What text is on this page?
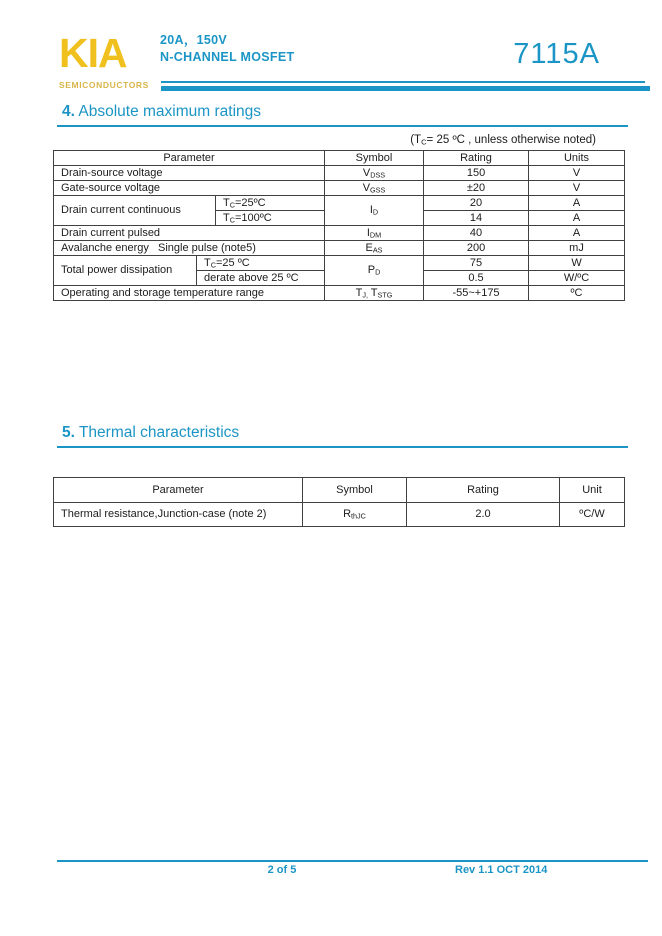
KIA
SEMICONDUCTORS
20A，150V
N-CHANNEL MOSFET	7115A
4. Absolute maximum ratings
(TC= 25 ºC , unless otherwise noted)
Parameter			Symbol	Rating	Units
Drain-source voltage			VDSS	150	V
Gate-source voltage			VGSS	±20	V
Drain current continuous		TC=25ºC	ID	20	A
		TC=100ºC		14	A
Drain current pulsed			IDM	40	A
Avalanche energy   Single pulse (note5)			EAS	200	mJ
Total power dissipation	TC=25 ºC		PD	75	W
	derate above 25 ºC			0.5	W/ºC
Operating and storage temperature range			TJ, TSTG	-55~+175	ºC
5. Thermal characteristics
Parameter	Symbol	Rating	Unit
Thermal resistance,Junction-case (note 2)	RthJC	2.0	ºC/W
2 of 5	Rev 1.1 OCT 2014
